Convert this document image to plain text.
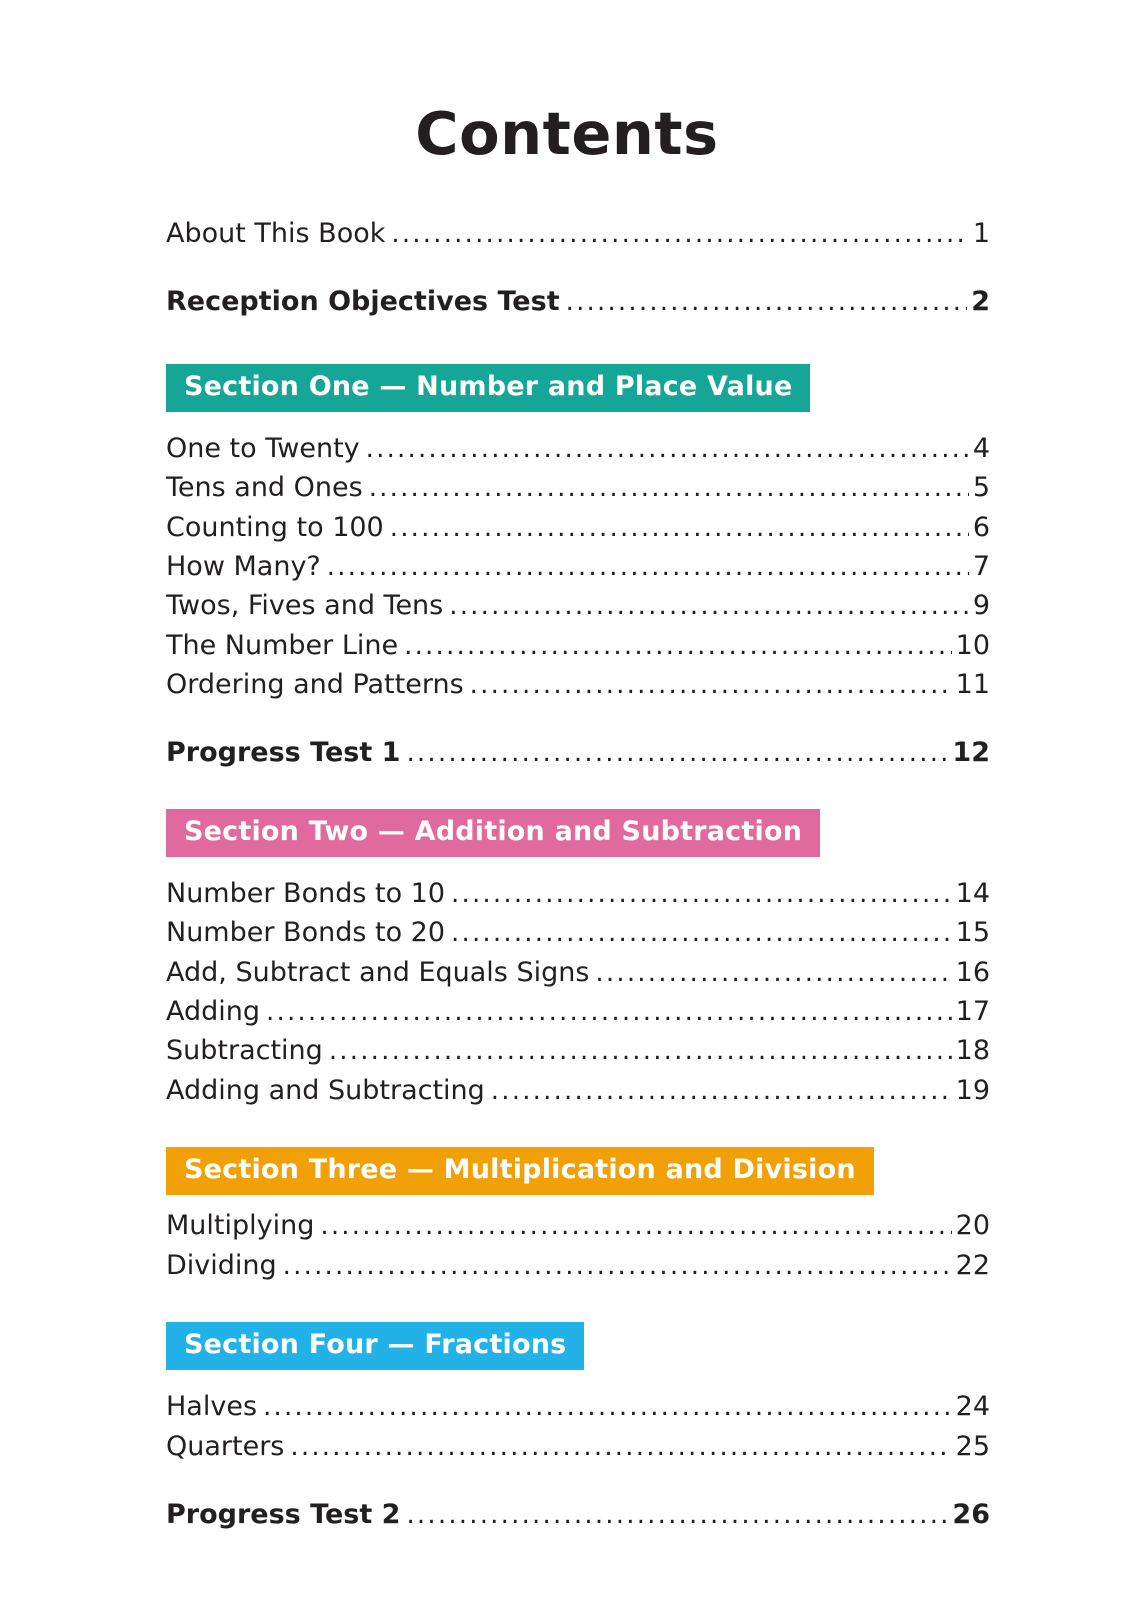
Contents
About This Book .....	1
Reception Objectives Test .....	2
Section One — Number and Place Value
One to Twenty .....	4
Tens and Ones .....	5
Counting to 100 .....	6
How Many? .....	7
Twos, Fives and Tens .....	9
The Number Line .....	10
Ordering and Patterns .....	11
Progress Test 1 .....	12
Section Two — Addition and Subtraction
Number Bonds to 10 .....	14
Number Bonds to 20 .....	15
Add, Subtract and Equals Signs .....	16
Adding .....	17
Subtracting .....	18
Adding and Subtracting .....	19
Section Three — Multiplication and Division
Multiplying .....	20
Dividing .....	22
Section Four — Fractions
Halves .....	24
Quarters .....	25
Progress Test 2 .....	26
